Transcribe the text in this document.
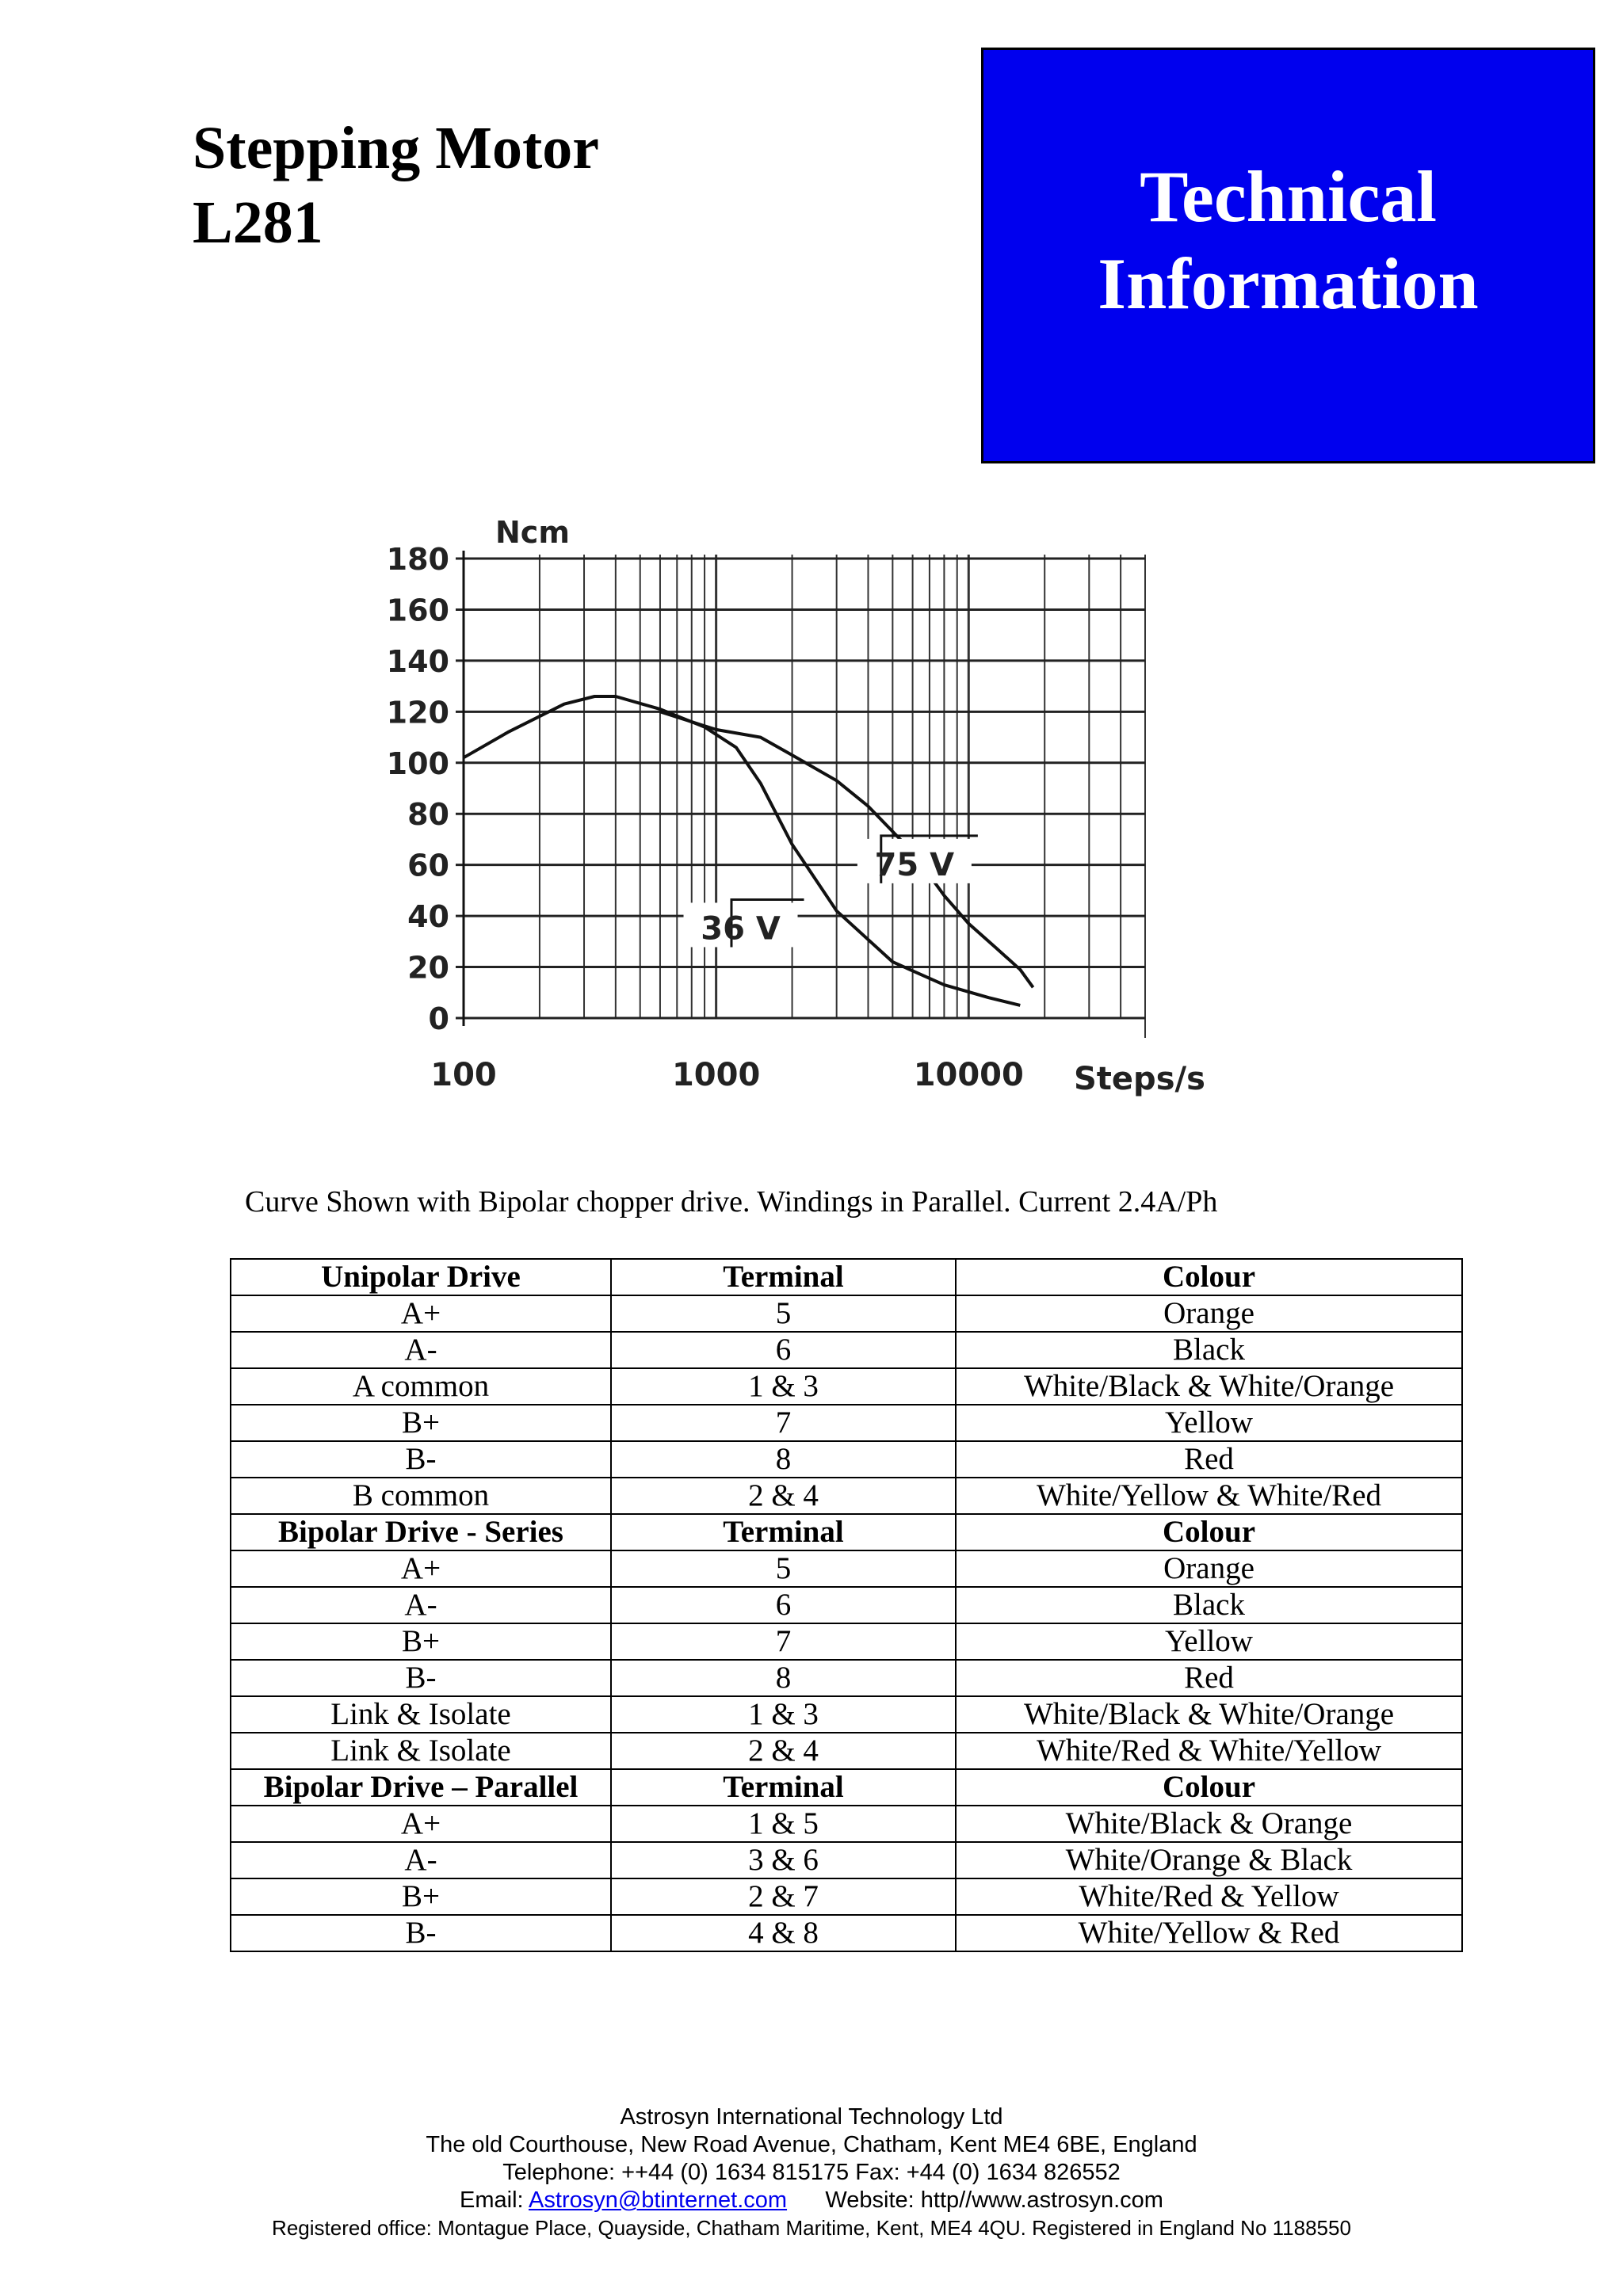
Stepping Motor
L281	Technical
Information
0
20
40
60
80
100
120
140
160
180
100	1000	10000
Ncm
Steps/s
36 V
75 V
Curve Shown with Bipolar chopper drive. Windings in Parallel. Current 2.4A/Ph
Unipolar Drive	Terminal	Colour
A+	5	Orange
A-	6	Black
A common	1 & 3	White/Black & White/Orange
B+	7	Yellow
B-	8	Red
B common	2 & 4	White/Yellow & White/Red
Bipolar Drive - Series	Terminal	Colour
A+	5	Orange
A-	6	Black
B+	7	Yellow
B-	8	Red
Link & Isolate	1 & 3	White/Black & White/Orange
Link & Isolate	2 & 4	White/Red & White/Yellow
Bipolar Drive – Parallel	Terminal	Colour
A+	1 & 5	White/Black & Orange
A-	3 & 6	White/Orange & Black
B+	2 & 7	White/Red & Yellow
B-	4 & 8	White/Yellow & Red
Astrosyn International Technology Ltd
The old Courthouse, New Road Avenue, Chatham, Kent ME4 6BE, England
Telephone: ++44 (0) 1634 815175 Fax: +44 (0) 1634 826552
Email: Astrosyn@btinternet.com Website: http//www.astrosyn.com
Registered office: Montague Place, Quayside, Chatham Maritime, Kent, ME4 4QU. Registered in England No 1188550
